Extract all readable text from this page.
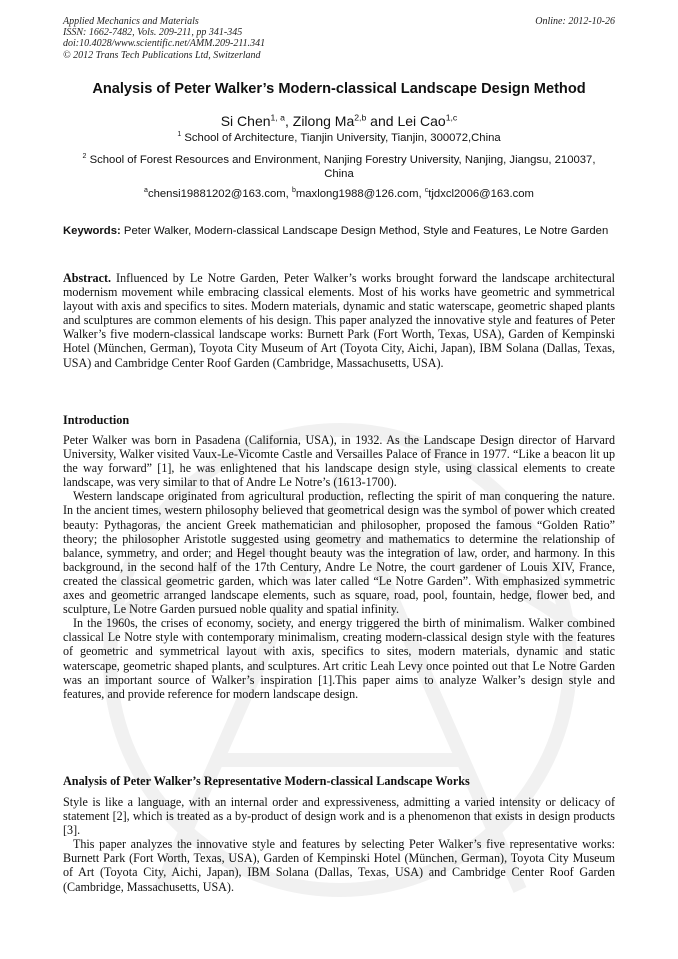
Applied Mechanics and Materials
ISSN: 1662-7482, Vols. 209-211, pp 341-345
doi:10.4028/www.scientific.net/AMM.209-211.341
© 2012 Trans Tech Publications Ltd, Switzerland
Online: 2012-10-26
Analysis of Peter Walker’s Modern-classical Landscape Design Method
Si Chen$^{1, a}$, Zilong Ma$^{2,b}$ and Lei Cao$^{1,c}$
$^1$ School of Architecture, Tianjin University, Tianjin, 300072,China
$^2$ School of Forest Resources and Environment, Nanjing Forestry University, Nanjing, Jiangsu, 210037, China
$^a$chensi19881202@163.com, $^b$maxlong1988@126.com, $^c$tjdxcl2006@163.com
Keywords: Peter Walker, Modern-classical Landscape Design Method, Style and Features, Le Notre Garden
Abstract. Influenced by Le Notre Garden, Peter Walker’s works brought forward the landscape architectural modernism movement while embracing classical elements. Most of his works have geometric and symmetrical layout with axis and specifics to sites. Modern materials, dynamic and static waterscape, geometric shaped plants and sculptures are common elements of his design. This paper analyzed the innovative style and features of Peter Walker’s five modern-classical landscape works: Burnett Park (Fort Worth, Texas, USA), Garden of Kempinski Hotel (München, German), Toyota City Museum of Art (Toyota City, Aichi, Japan), IBM Solana (Dallas, Texas, USA) and Cambridge Center Roof Garden (Cambridge, Massachusetts, USA).
Introduction

Peter Walker was born in Pasadena (California, USA), in 1932. As the Landscape Design director of Harvard University, Walker visited Vaux-Le-Vicomte Castle and Versailles Palace of France in 1977. “Like a beacon lit up the way forward” [1], he was enlightened that his landscape design style, using classical elements to create landscape, was very similar to that of Andre Le Notre’s (1613-1700).

Western landscape originated from agricultural production, reflecting the spirit of man conquering the nature. In the ancient times, western philosophy believed that geometrical design was the symbol of power which created beauty: Pythagoras, the ancient Greek mathematician and philosopher, proposed the famous “Golden Ratio” theory; the philosopher Aristotle suggested using geometry and mathematics to determine the relationship of balance, symmetry, and order; and Hegel thought beauty was the integration of law, order, and harmony. In this background, in the second half of the 17th Century, Andre Le Notre, the court gardener of Louis XIV, France, created the classical geometric garden, which was later called “Le Notre Garden”. With emphasized symmetric axes and geometric arranged landscape elements, such as square, road, pool, fountain, hedge, flower bed, and sculpture, Le Notre Garden pursued noble quality and spatial infinity.

In the 1960s, the crises of economy, society, and energy triggered the birth of minimalism. Walker combined classical Le Notre style with contemporary minimalism, creating modern-classical design style with the features of geometric and symmetrical layout with axis, specifics to sites, modern materials, dynamic and static waterscape, geometric shaped plants, and sculptures. Art critic Leah Levy once pointed out that Le Notre Garden was an important source of Walker’s inspiration [1].This paper aims to analyze Walker’s design style and features, and provide reference for modern landscape design.

Analysis of Peter Walker’s Representative Modern-classical Landscape Works

Style is like a language, with an internal order and expressiveness, admitting a varied intensity or delicacy of statement [2], which is treated as a by-product of design work and is a phenomenon that exists in design products [3].

This paper analyzes the innovative style and features by selecting Peter Walker’s five representative works: Burnett Park (Fort Worth, Texas, USA), Garden of Kempinski Hotel (München, German), Toyota City Museum of Art (Toyota City, Aichi, Japan), IBM Solana (Dallas, Texas, USA) and Cambridge Center Roof Garden (Cambridge, Massachusetts, USA).
